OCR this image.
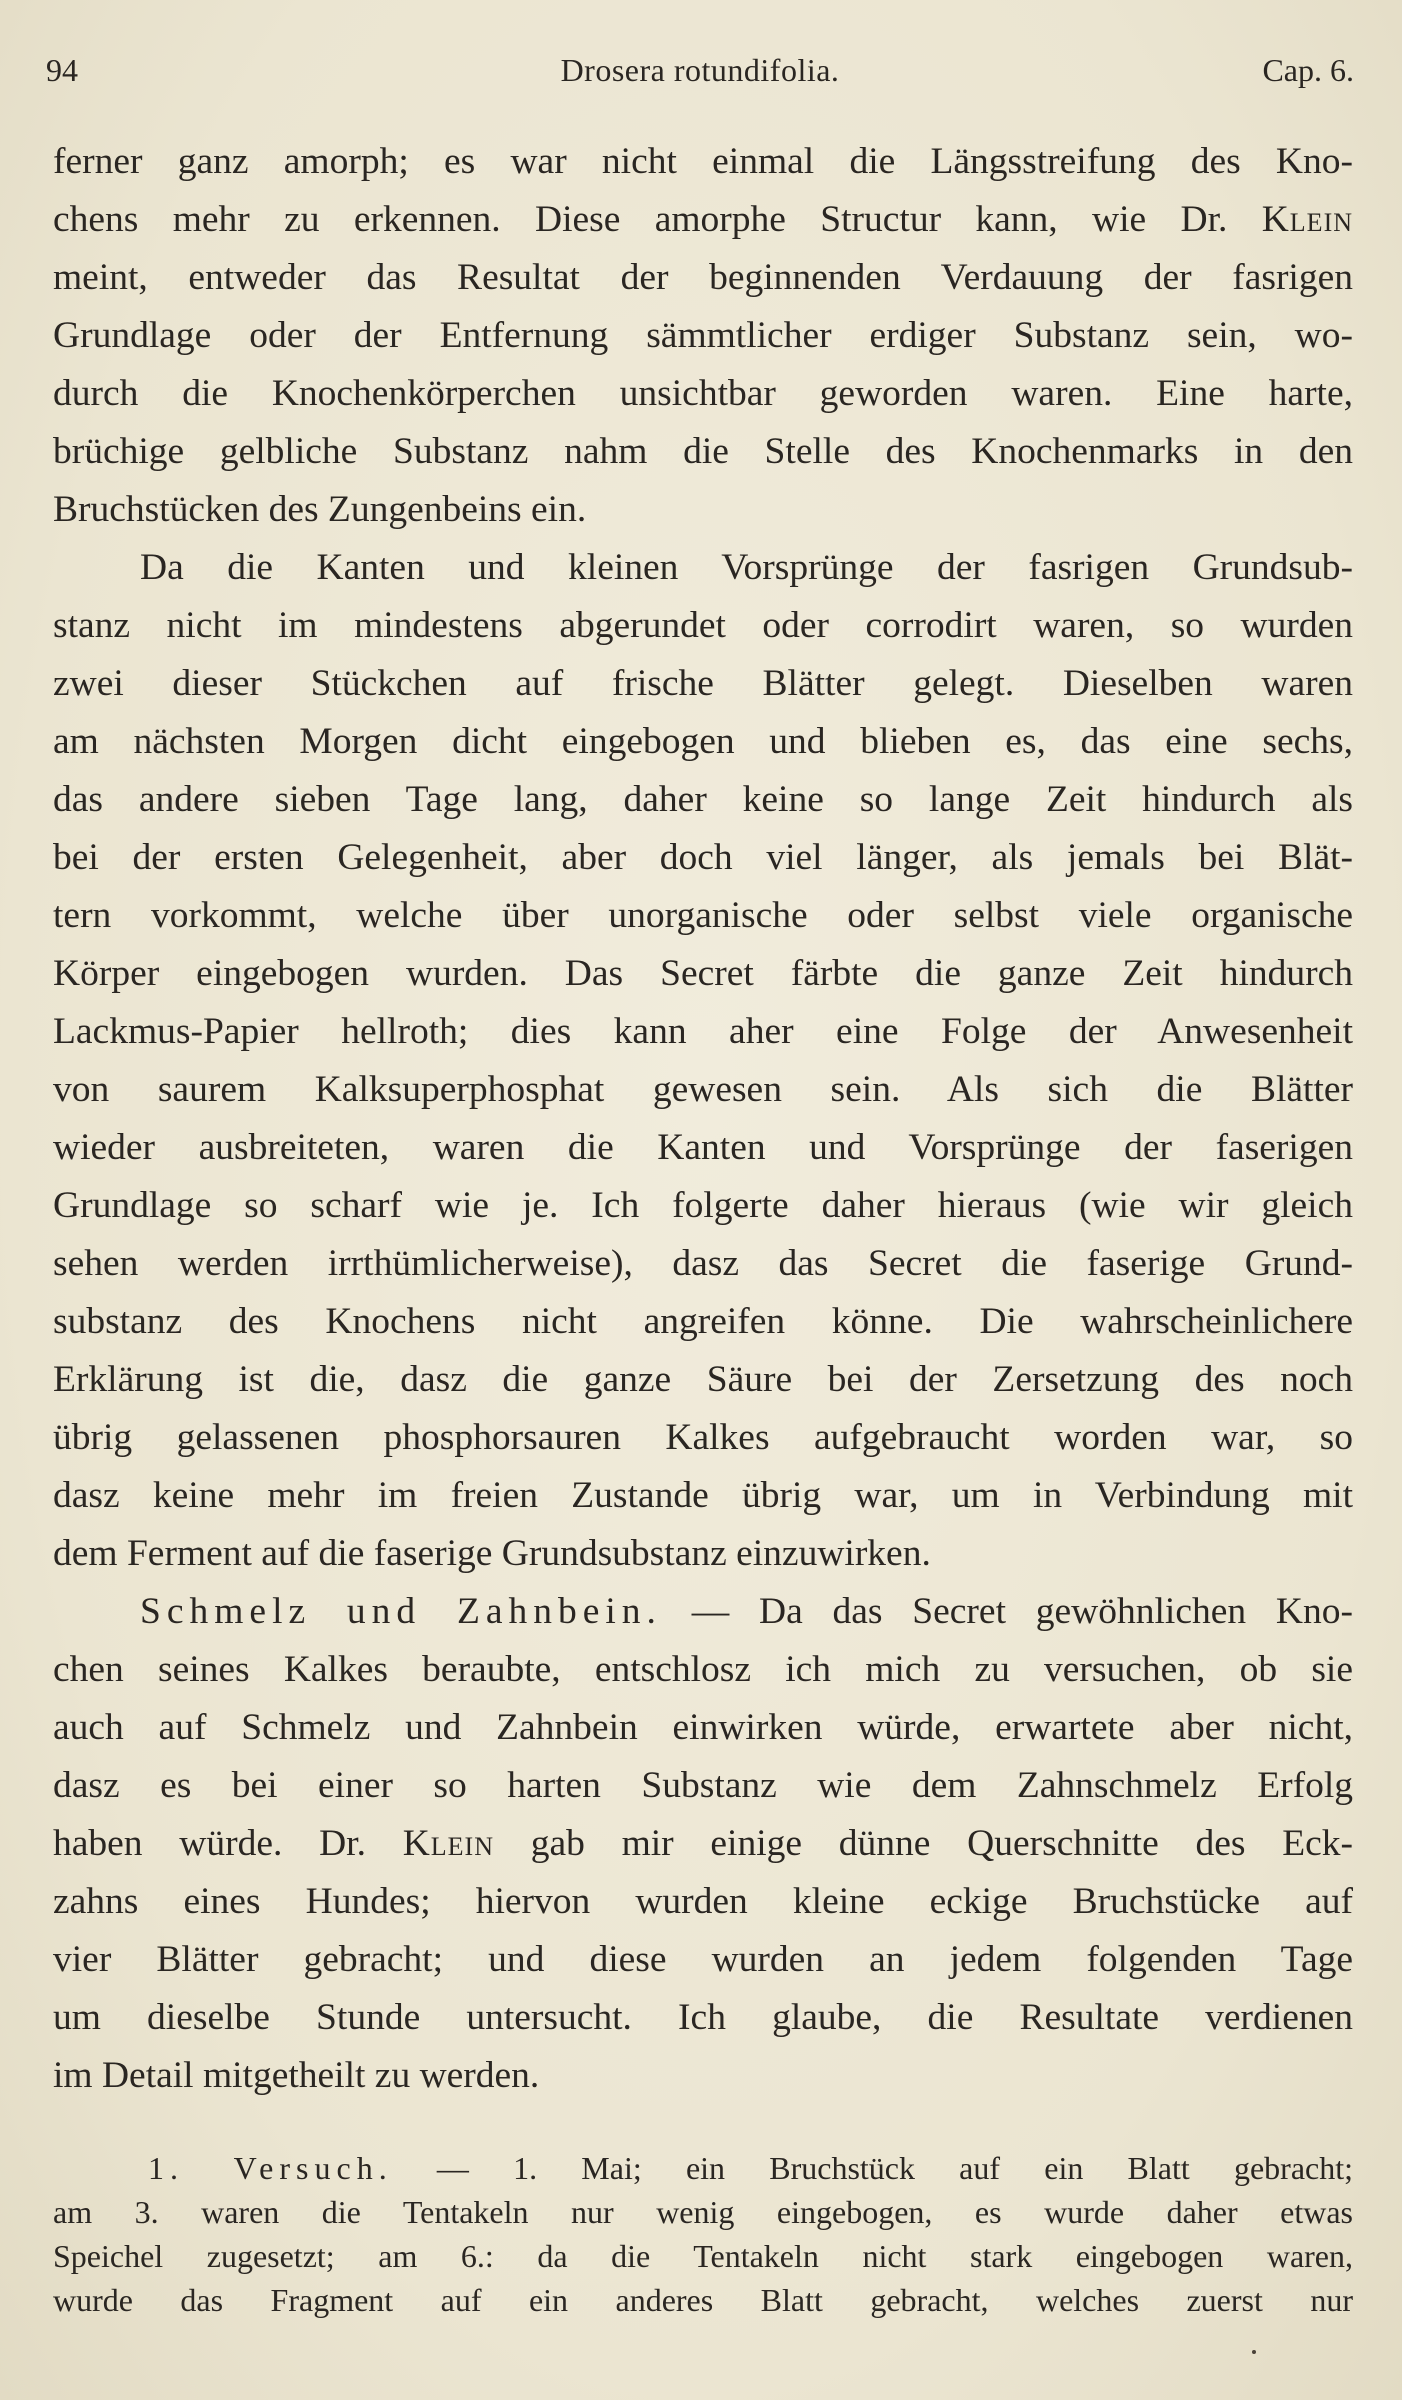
94	Drosera rotundifolia.	Cap. 6.
ferner ganz amorph; es war nicht einmal die Längsstreifung des Kno-
chens mehr zu erkennen. Diese amorphe Structur kann, wie Dr. Klein
meint, entweder das Resultat der beginnenden Verdauung der fasrigen
Grundlage oder der Entfernung sämmtlicher erdiger Substanz sein, wo-
durch die Knochenkörperchen unsichtbar geworden waren. Eine harte,
brüchige gelbliche Substanz nahm die Stelle des Knochenmarks in den
Bruchstücken des Zungenbeins ein.
Da die Kanten und kleinen Vorsprünge der fasrigen Grundsub-
stanz nicht im mindestens abgerundet oder corrodirt waren, so wurden
zwei dieser Stückchen auf frische Blätter gelegt. Dieselben waren
am nächsten Morgen dicht eingebogen und blieben es, das eine sechs,
das andere sieben Tage lang, daher keine so lange Zeit hindurch als
bei der ersten Gelegenheit, aber doch viel länger, als jemals bei Blät-
tern vorkommt, welche über unorganische oder selbst viele organische
Körper eingebogen wurden. Das Secret färbte die ganze Zeit hindurch
Lackmus-Papier hellroth; dies kann aher eine Folge der Anwesenheit
von saurem Kalksuperphosphat gewesen sein. Als sich die Blätter
wieder ausbreiteten, waren die Kanten und Vorsprünge der faserigen
Grundlage so scharf wie je. Ich folgerte daher hieraus (wie wir gleich
sehen werden irrthümlicherweise), dasz das Secret die faserige Grund-
substanz des Knochens nicht angreifen könne. Die wahrscheinlichere
Erklärung ist die, dasz die ganze Säure bei der Zersetzung des noch
übrig gelassenen phosphorsauren Kalkes aufgebraucht worden war, so
dasz keine mehr im freien Zustande übrig war, um in Verbindung mit
dem Ferment auf die faserige Grundsubstanz einzuwirken.
Schmelz und Zahnbein. — Da das Secret gewöhnlichen Kno-
chen seines Kalkes beraubte, entschlosz ich mich zu versuchen, ob sie
auch auf Schmelz und Zahnbein einwirken würde, erwartete aber nicht,
dasz es bei einer so harten Substanz wie dem Zahnschmelz Erfolg
haben würde. Dr. Klein gab mir einige dünne Querschnitte des Eck-
zahns eines Hundes; hiervon wurden kleine eckige Bruchstücke auf
vier Blätter gebracht; und diese wurden an jedem folgenden Tage
um dieselbe Stunde untersucht. Ich glaube, die Resultate verdienen
im Detail mitgetheilt zu werden.
1. Versuch. — 1. Mai; ein Bruchstück auf ein Blatt gebracht;
am 3. waren die Tentakeln nur wenig eingebogen, es wurde daher etwas
Speichel zugesetzt; am 6.: da die Tentakeln nicht stark eingebogen waren,
wurde das Fragment auf ein anderes Blatt gebracht, welches zuerst nur
